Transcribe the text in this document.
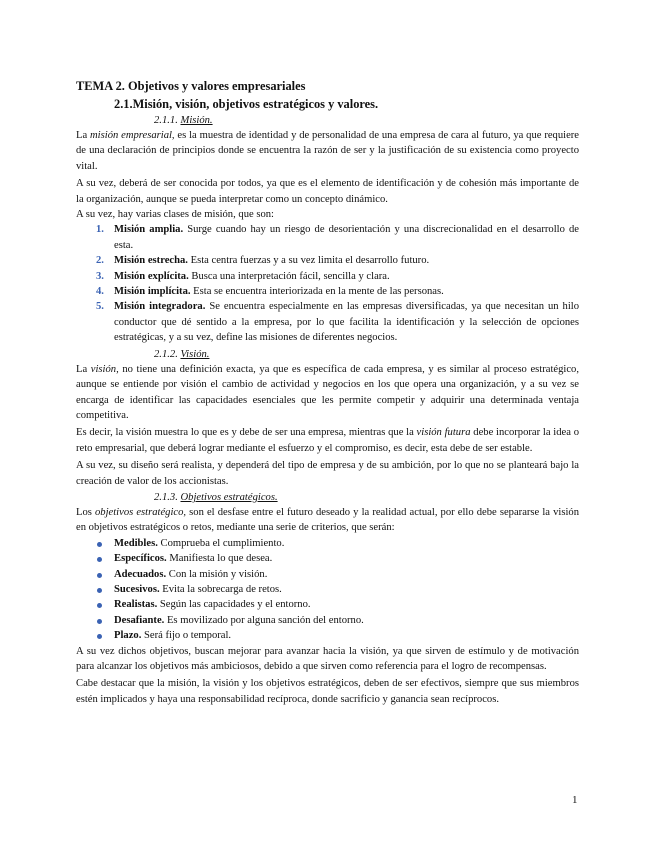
TEMA 2. Objetivos y valores empresariales
2.1.Misión, visión, objetivos estratégicos y valores.
2.1.1. Misión.

La misión empresarial, es la muestra de identidad y de personalidad de una empresa de cara al futuro, ya que requiere de una declaración de principios donde se encuentra la razón de ser y la justificación de su existencia como proyecto vital.

A su vez, deberá de ser conocida por todos, ya que es el elemento de identificación y de cohesión más importante de la organización, aunque se pueda interpretar como un concepto dinámico.

A su vez, hay varias clases de misión, que son:

1. Misión amplia. Surge cuando hay un riesgo de desorientación y una discrecionalidad en el desarrollo de esta.
2. Misión estrecha. Esta centra fuerzas y a su vez limita el desarrollo futuro.
3. Misión explícita. Busca una interpretación fácil, sencilla y clara.
4. Misión implícita. Esta se encuentra interiorizada en la mente de las personas.
5. Misión integradora. Se encuentra especialmente en las empresas diversificadas, ya que necesitan un hilo conductor que dé sentido a la empresa, por lo que facilita la identificación y la selección de opciones estratégicas, y a su vez, define las misiones de diferentes negocios.
2.1.2. Visión.

La visión, no tiene una definición exacta, ya que es específica de cada empresa, y es similar al proceso estratégico, aunque se entiende por visión el cambio de actividad y negocios en los que opera una organización, y a su vez se encarga de identificar las capacidades esenciales que les permite competir y adquirir una determinada ventaja competitiva.

Es decir, la visión muestra lo que es y debe de ser una empresa, mientras que la visión futura debe incorporar la idea o reto empresarial, que deberá lograr mediante el esfuerzo y el compromiso, es decir, esta debe de ser estable.

A su vez, su diseño será realista, y dependerá del tipo de empresa y de su ambición, por lo que no se planteará bajo la creación de valor de los accionistas.

2.1.3. Objetivos estratégicos.

Los objetivos estratégico, son el desfase entre el futuro deseado y la realidad actual, por ello debe separarse la visión en objetivos estratégicos o retos, mediante una serie de criterios, que serán:

Medibles. Comprueba el cumplimiento.
Específicos. Manifiesta lo que desea.
Adecuados. Con la misión y visión.
Sucesivos. Evita la sobrecarga de retos.
Realistas. Según las capacidades y el entorno.
Desafiante. Es movilizado por alguna sanción del entorno.
Plazo. Será fijo o temporal.

A su vez dichos objetivos, buscan mejorar para avanzar hacia la visión, ya que sirven de estímulo y de motivación para alcanzar los objetivos más ambiciosos, debido a que sirven como referencia para el logro de recompensas.

Cabe destacar que la misión, la visión y los objetivos estratégicos, deben de ser efectivos, siempre que sus miembros estén implicados y haya una responsabilidad recíproca, donde sacrificio y ganancia sean recíprocos.

1
